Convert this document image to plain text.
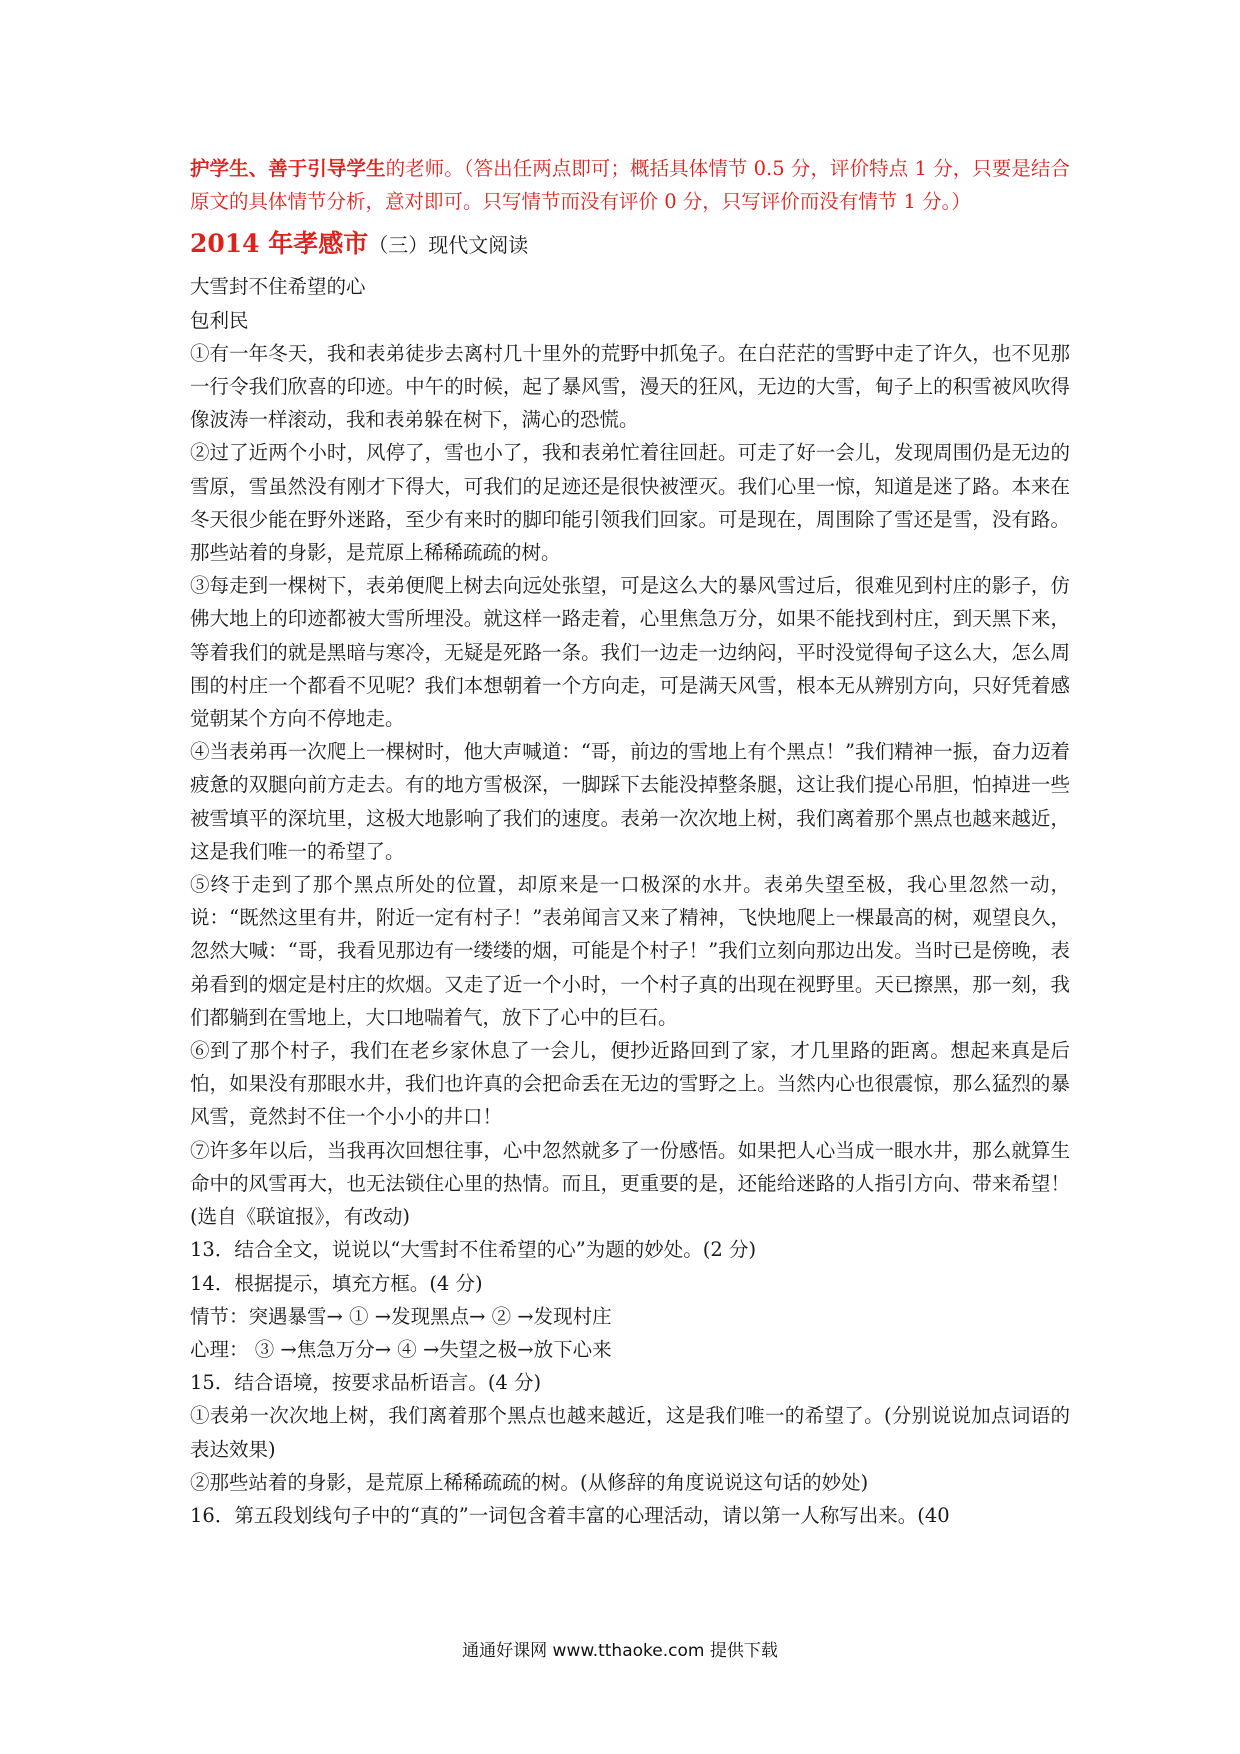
护学生、善于引导学生的老师。（答出任两点即可；概括具体情节 0.5 分，评价特点 1 分，只要是结合原文的具体情节分析，意对即可。只写情节而没有评价 0 分，只写评价而没有情节 1 分。）

2014 年孝感市（三）现代文阅读

大雪封不住希望的心

包利民

①有一年冬天，我和表弟徒步去离村几十里外的荒野中抓兔子。在白茫茫的雪野中走了许久，也不见那一行令我们欣喜的印迹。中午的时候，起了暴风雪，漫天的狂风，无边的大雪，甸子上的积雪被风吹得像波涛一样滚动，我和表弟躲在树下，满心的恐慌。

②过了近两个小时，风停了，雪也小了，我和表弟忙着往回赶。可走了好一会儿，发现周围仍是无边的雪原，雪虽然没有刚才下得大，可我们的足迹还是很快被湮灭。我们心里一惊，知道是迷了路。本来在冬天很少能在野外迷路，至少有来时的脚印能引领我们回家。可是现在，周围除了雪还是雪，没有路。那些站着的身影，是荒原上稀稀疏疏的树。

③每走到一棵树下，表弟便爬上树去向远处张望，可是这么大的暴风雪过后，很难见到村庄的影子，仿佛大地上的印迹都被大雪所埋没。就这样一路走着，心里焦急万分，如果不能找到村庄，到天黑下来，等着我们的就是黑暗与寒冷，无疑是死路一条。我们一边走一边纳闷，平时没觉得甸子这么大，怎么周围的村庄一个都看不见呢？我们本想朝着一个方向走，可是满天风雪，根本无从辨别方向，只好凭着感觉朝某个方向不停地走。

④当表弟再一次爬上一棵树时，他大声喊道：“哥，前边的雪地上有个黑点！”我们精神一振，奋力迈着疲惫的双腿向前方走去。有的地方雪极深，一脚踩下去能没掉整条腿，这让我们提心吊胆，怕掉进一些被雪填平的深坑里，这极大地影响了我们的速度。表弟一次次地上树，我们离着那个黑点也越来越近，这是我们唯一的希望了。

⑤终于走到了那个黑点所处的位置，却原来是一口极深的水井。表弟失望至极，我心里忽然一动，说：“既然这里有井，附近一定有村子！”表弟闻言又来了精神，飞快地爬上一棵最高的树，观望良久，忽然大喊：“哥，我看见那边有一缕缕的烟，可能是个村子！”我们立刻向那边出发。当时已是傍晚，表弟看到的烟定是村庄的炊烟。又走了近一个小时，一个村子真的出现在视野里。天已擦黑，那一刻，我们都躺到在雪地上，大口地喘着气，放下了心中的巨石。

⑥到了那个村子，我们在老乡家休息了一会儿，便抄近路回到了家，才几里路的距离。想起来真是后怕，如果没有那眼水井，我们也许真的会把命丢在无边的雪野之上。当然内心也很震惊，那么猛烈的暴风雪，竟然封不住一个小小的井口！

⑦许多年以后，当我再次回想往事，心中忽然就多了一份感悟。如果把人心当成一眼水井，那么就算生命中的风雪再大，也无法锁住心里的热情。而且，更重要的是，还能给迷路的人指引方向、带来希望！(选自《联谊报》，有改动)

13．结合全文，说说以“大雪封不住希望的心”为题的妙处。(2 分)

14．根据提示，填充方框。(4 分)

情节：突遇暴雪→ ① →发现黑点→ ② →发现村庄

心理： ③ →焦急万分→ ④ →失望之极→放下心来

15．结合语境，按要求品析语言。(4 分)

①表弟一次次地上树，我们离着那个黑点也越来越近，这是我们唯一的希望了。(分别说说加点词语的表达效果)

②那些站着的身影，是荒原上稀稀疏疏的树。(从修辞的角度说说这句话的妙处)

16．第五段划线句子中的“真的”一词包含着丰富的心理活动，请以第一人称写出来。(40

通通好课网 www.tthaoke.com 提供下载
